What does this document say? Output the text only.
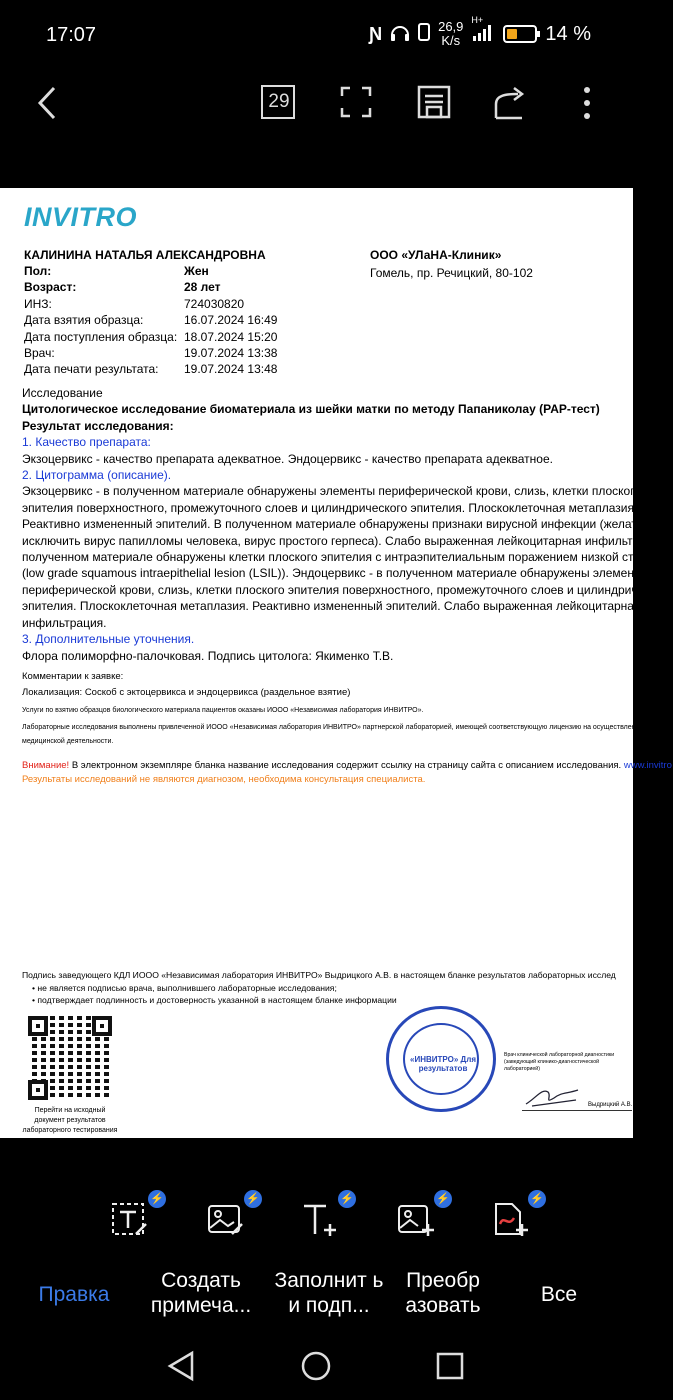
17:07	Ɲ	26,9
K/s
H+
14 %
29
INVITRO
КАЛИНИНА НАТАЛЬЯ АЛЕКСАНДРОВНА	ООО «УЛаНА-Клиник»
Гомель, пр. Речицкий, 80-102
Пол:	Жен
Возраст:	28 лет
ИНЗ:	724030820
Дата взятия образца:	16.07.2024 16:49
Дата поступления образца: 18.07.2024 15:20
Врач:	19.07.2024 13:38
Дата печати результата: 19.07.2024 13:48
Исследование
Цитологическое исследование биоматериала из шейки матки по методу Папаниколау (PAP-тест)
Результат исследования:
1. Качество препарата:
Экзоцервикс - качество препарата адекватное. Эндоцервикс - качество препарата адекватное.
2. Цитограмма (описание).
Экзоцервикс - в полученном материале обнаружены элементы периферической крови, слизь, клетки плоского
эпителия поверхностного, промежуточного слоев и цилиндрического эпителия. Плоскоклеточная метаплазия.
Реактивно измененный эпителий. В полученном материале обнаружены признаки вирусной инфекции (желательно
исключить вирус папилломы человека, вирус простого герпеса). Слабо выраженная лейкоцитарная инфильтрация.
полученном материале обнаружены клетки плоского эпителия с интраэпителиальным поражением низкой степени
(low grade squamous intraepithelial lesion (LSIL)). Эндоцервикс - в полученном материале обнаружены элементы
периферической крови, слизь, клетки плоского эпителия поверхностного, промежуточного слоев и цилиндрического
эпителия. Плоскоклеточная метаплазия. Реактивно измененный эпителий. Слабо выраженная лейкоцитарная
инфильтрация.
3. Дополнительные уточнения.
Флора полиморфно-палочковая. Подпись цитолога: Якименко Т.В.
Комментарии к заявке:
Локализация: Соскоб с эктоцервикса и эндоцервикса (раздельное взятие)
Услуги по взятию образцов биологического материала пациентов оказаны ИООО «Независимая лаборатория ИНВИТРО».
Лабораторные исследования выполнены привлеченной ИООО «Независимая лаборатория ИНВИТРО» партнерской лабораторией, имеющей соответствующую лицензию на осуществление
медицинской деятельности.
Внимание! В электронном экземпляре бланка название исследования содержит ссылку на страницу сайта с описанием исследования. www.invitro
Результаты исследований не являются диагнозом, необходима консультация специалиста.
Подпись заведующего КДЛ ИООО «Независимая лаборатория ИНВИТРО» Выдрицкого А.В. в настоящем бланке результатов лабораторных исслед
• не является подписью врача, выполнившего лабораторные исследования;
• подтверждает подлинность и достоверность указанной в настоящем бланке информации
Перейти на исходный
документ результатов
лабораторного тестирования
«ИНВИТРО» Для результатов
Врач клинической лабораторной диагностики
(заведующий клинико-диагностической
лабораторией)
Выдрицкий А.В.
⚡	⚡	⚡	⚡	⚡
Правка
Создать примеча...
Заполнит ь и подп...
Преобр азовать	Все
